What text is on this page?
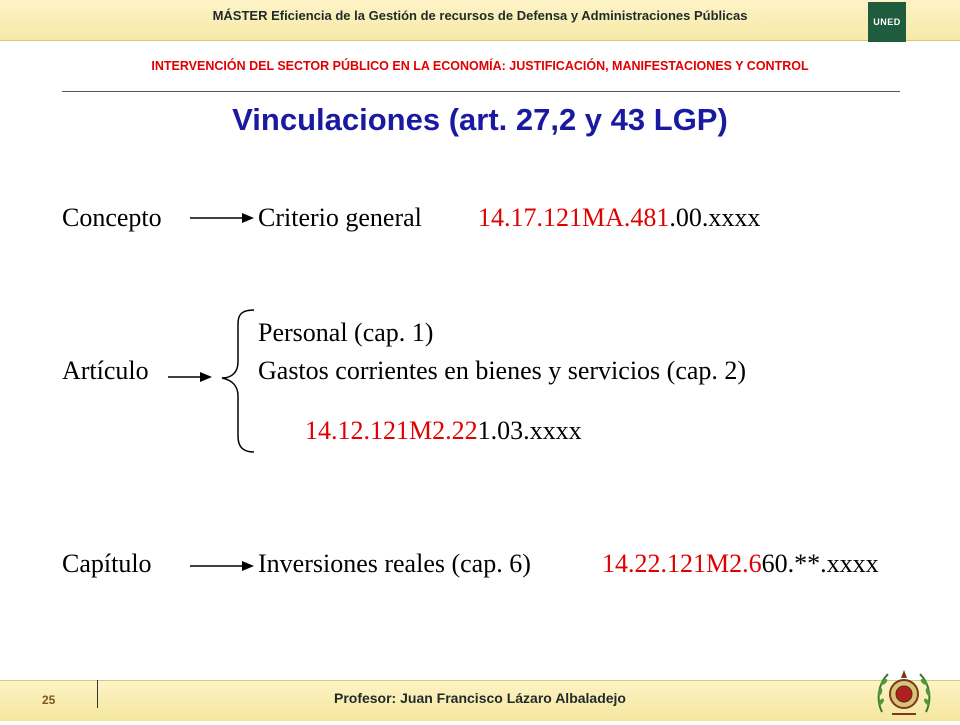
MÁSTER Eficiencia de la Gestión de recursos de Defensa y Administraciones Públicas	UNED
INTERVENCIÓN DEL SECTOR PÚBLICO EN LA ECONOMÍA: JUSTIFICACIÓN, MANIFESTACIONES Y CONTROL
Vinculaciones (art. 27,2 y 43 LGP)
Concepto	Criterio general 14.17.121MA.481.00.xxxx
Personal (cap. 1)
Artículo	Gastos corrientes en bienes y servicios (cap. 2)
14.12.121M2.221.03.xxxx
Capítulo	Inversiones reales (cap. 6)	14.22.121M2.660.**.xxxx
25	Profesor: Juan Francisco Lázaro Albaladejo
